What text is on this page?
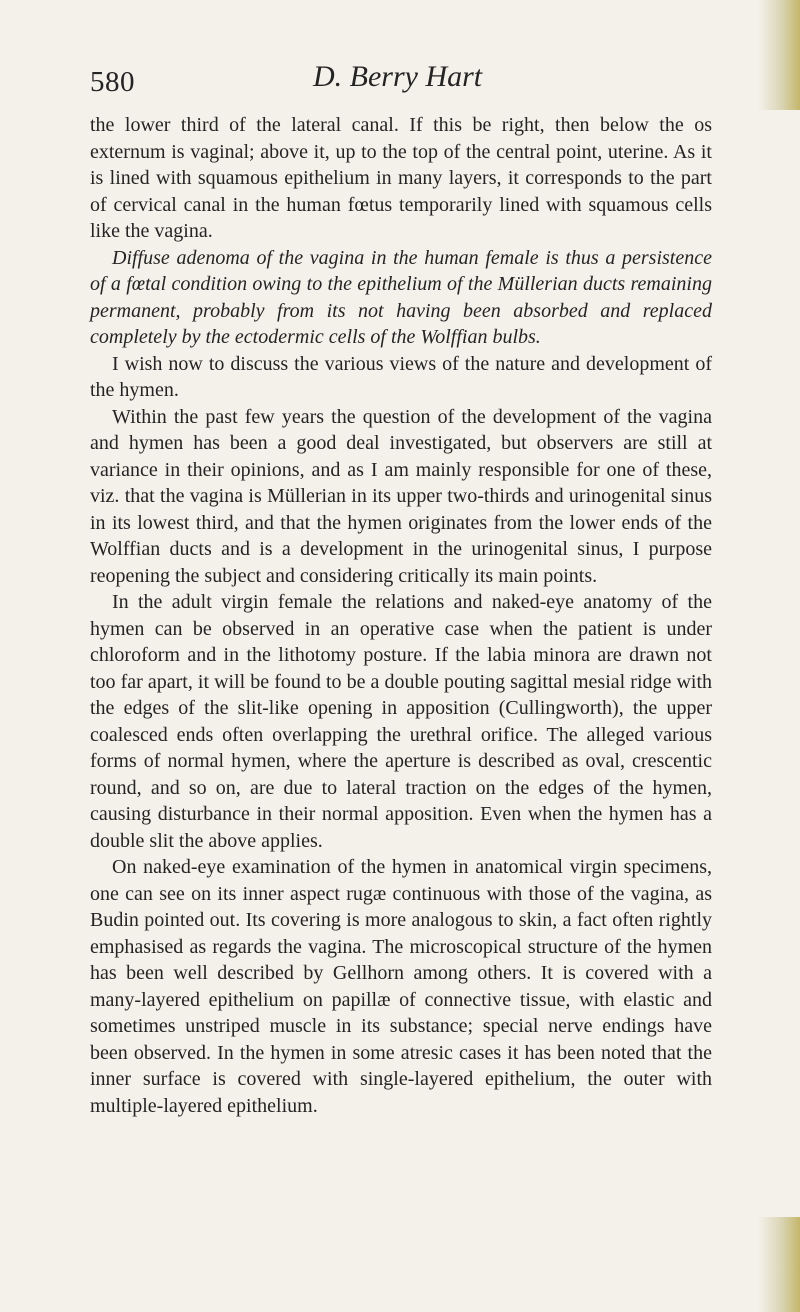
580	D. Berry Hart

the lower third of the lateral canal. If this be right, then below the os externum is vaginal; above it, up to the top of the central point, uterine. As it is lined with squamous epithelium in many layers, it corresponds to the part of cervical canal in the human fœtus temporarily lined with squamous cells like the vagina.

Diffuse adenoma of the vagina in the human female is thus a persistence of a fœtal condition owing to the epithelium of the Müllerian ducts remaining permanent, probably from its not having been absorbed and replaced completely by the ectodermic cells of the Wolffian bulbs.

I wish now to discuss the various views of the nature and development of the hymen.

Within the past few years the question of the development of the vagina and hymen has been a good deal investigated, but observers are still at variance in their opinions, and as I am mainly responsible for one of these, viz. that the vagina is Müllerian in its upper two-thirds and urinogenital sinus in its lowest third, and that the hymen originates from the lower ends of the Wolffian ducts and is a development in the urinogenital sinus, I purpose reopening the subject and considering critically its main points.

In the adult virgin female the relations and naked-eye anatomy of the hymen can be observed in an operative case when the patient is under chloroform and in the lithotomy posture. If the labia minora are drawn not too far apart, it will be found to be a double pouting sagittal mesial ridge with the edges of the slit-like opening in apposition (Cullingworth), the upper coalesced ends often overlapping the urethral orifice. The alleged various forms of normal hymen, where the aperture is described as oval, crescentic round, and so on, are due to lateral traction on the edges of the hymen, causing disturbance in their normal apposition. Even when the hymen has a double slit the above applies.

On naked-eye examination of the hymen in anatomical virgin specimens, one can see on its inner aspect rugæ continuous with those of the vagina, as Budin pointed out. Its covering is more analogous to skin, a fact often rightly emphasised as regards the vagina. The microscopical structure of the hymen has been well described by Gellhorn among others. It is covered with a many-layered epithelium on papillæ of connective tissue, with elastic and sometimes unstriped muscle in its substance; special nerve endings have been observed. In the hymen in some atresic cases it has been noted that the inner surface is covered with single-layered epithelium, the outer with multiple-layered epithelium.
